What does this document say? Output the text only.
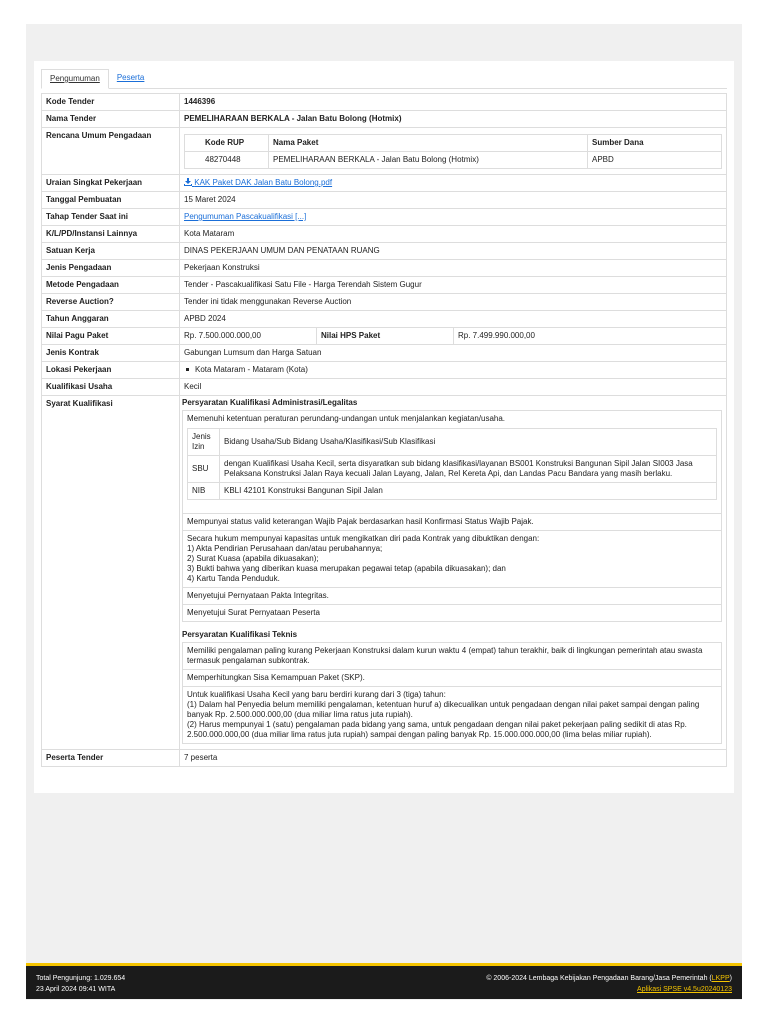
Pengumuman	Peserta
Kode Tender	1446396
Nama Tender	PEMELIHARAAN BERKALA - Jalan Batu Bolong (Hotmix)
Rencana Umum Pengadaan	
Kode RUP	Nama Paket	Sumber Dana
48270448	PEMELIHARAAN BERKALA - Jalan Batu Bolong (Hotmix)	APBD

Uraian Singkat Pekerjaan	KAK Paket DAK Jalan Batu Bolong.pdf
Tanggal Pembuatan	15 Maret 2024
Tahap Tender Saat ini	Pengumuman Pascakualifikasi [...]
K/L/PD/Instansi Lainnya	Kota Mataram
Satuan Kerja	DINAS PEKERJAAN UMUM DAN PENATAAN RUANG
Jenis Pengadaan	Pekerjaan Konstruksi
Metode Pengadaan	Tender - Pascakualifikasi Satu File - Harga Terendah Sistem Gugur
Reverse Auction?	Tender ini tidak menggunakan Reverse Auction
Tahun Anggaran	APBD 2024
Nilai Pagu Paket	Rp. 7.500.000.000,00	Nilai HPS Paket	Rp. 7.499.990.000,00
Jenis Kontrak	Gabungan Lumsum dan Harga Satuan
Lokasi Pekerjaan	Kota Mataram - Mataram (Kota)
Kualifikasi Usaha	Kecil
Syarat Kualifikasi	Persyaratan Kualifikasi Administrasi/Legalitas
Memenuhi ketentuan peraturan perundang-undangan untuk menjalankan kegiatan/usaha.
Jenis Izin	Bidang Usaha/Sub Bidang Usaha/Klasifikasi/Sub Klasifikasi
SBU	dengan Kualifikasi Usaha Kecil, serta disyaratkan sub bidang klasifikasi/layanan BS001 Konstruksi Bangunan Sipil Jalan SI003 Jasa Pelaksana Konstruksi Jalan Raya kecuali Jalan Layang, Jalan, Rel Kereta Api, dan Landas Pacu Bandara yang masih berlaku.
NIB	KBLI 42101 Konstruksi Bangunan Sipil Jalan
Mempunyai status valid keterangan Wajib Pajak berdasarkan hasil Konfirmasi Status Wajib Pajak.
Secara hukum mempunyai kapasitas untuk mengikatkan diri pada Kontrak yang dibuktikan dengan:
1) Akta Pendirian Perusahaan dan/atau perubahannya;
2) Surat Kuasa (apabila dikuasakan);
3) Bukti bahwa yang diberikan kuasa merupakan pegawai tetap (apabila dikuasakan); dan
4) Kartu Tanda Penduduk.
Menyetujui Pernyataan Pakta Integritas.
Menyetujui Surat Pernyataan Peserta
Persyaratan Kualifikasi Teknis
Memiliki pengalaman paling kurang Pekerjaan Konstruksi dalam kurun waktu 4 (empat) tahun terakhir, baik di lingkungan pemerintah atau swasta termasuk pengalaman subkontrak.
Memperhitungkan Sisa Kemampuan Paket (SKP).
Untuk kualifikasi Usaha Kecil yang baru berdiri kurang dari 3 (tiga) tahun:
(1) Dalam hal Penyedia belum memiliki pengalaman, ketentuan huruf a) dikecualikan untuk pengadaan dengan nilai paket sampai dengan paling banyak Rp. 2.500.000.000,00 (dua miliar lima ratus juta rupiah).
(2) Harus mempunyai 1 (satu) pengalaman pada bidang yang sama, untuk pengadaan dengan nilai paket pekerjaan paling sedikit di atas Rp. 2.500.000.000,00 (dua miliar lima ratus juta rupiah) sampai dengan paling banyak Rp. 15.000.000.000,00 (lima belas miliar rupiah).

Peserta Tender	7 peserta
Total Pengunjung: 1.029.654
23 April 2024 09:41 WITA
© 2006-2024 Lembaga Kebijakan Pengadaan Barang/Jasa Pemerintah (LKPP)
Aplikasi SPSE v4.5u20240123
